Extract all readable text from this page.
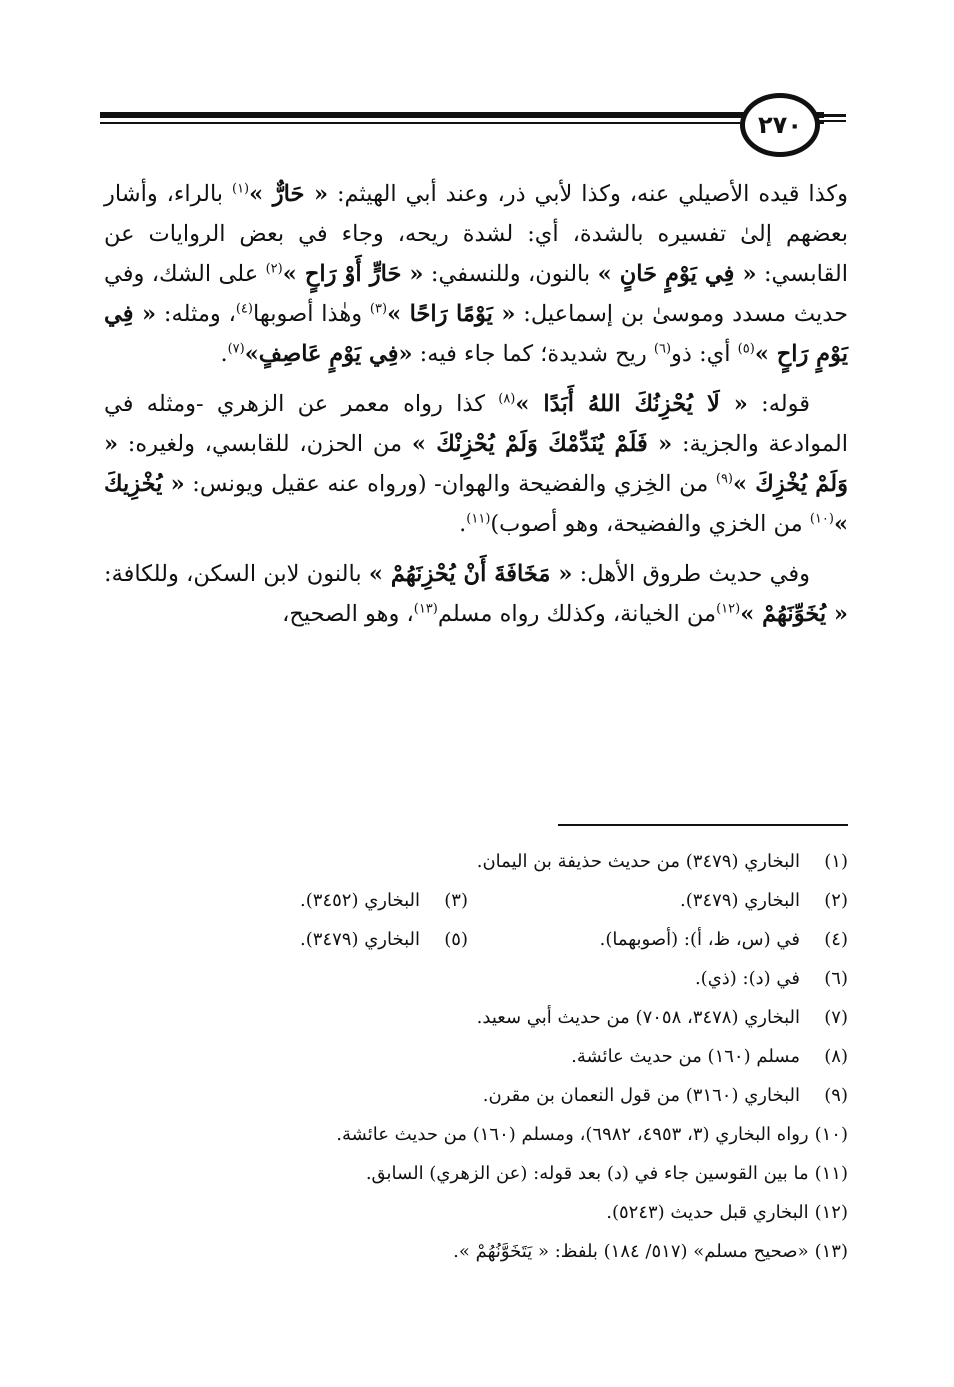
٢٧٠

وكذا قيده الأصيلي عنه، وكذا لأبي ذر، وعند أبي الهيثم: « حَارٌّ »$^{(١)}$ بالراء، وأشار بعضهم إلىٰ تفسيره بالشدة، أي: لشدة ريحه، وجاء في بعض الروايات عن القابسي: « فِي يَوْمٍ حَانٍ » بالنون، وللنسفي: « حَارٍّ أَوْ رَاحٍ »$^{(٢)}$ على الشك، وفي حديث مسدد وموسىٰ بن إسماعيل: « يَوْمًا رَاحًا »$^{(٣)}$ وهٰذا أصوبها$^{(٤)}$، ومثله: « فِي يَوْمٍ رَاحٍ »$^{(٥)}$ أي: ذو$^{(٦)}$ ريح شديدة؛ كما جاء فيه: «فِي يَوْمٍ عَاصِفٍ»$^{(٧)}$.

قوله: « لَا يُحْزِنُكَ اللهُ أَبَدًا »$^{(٨)}$ كذا رواه معمر عن الزهري -ومثله في الموادعة والجزية: « فَلَمْ يُنَدِّمْكَ وَلَمْ يُحْزِنْكَ » من الحزن، للقابسي، ولغيره: « وَلَمْ يُخْزِكَ »$^{(٩)}$ من الخِزي والفضيحة والهوان- (ورواه عنه عقيل ويونس: « يُخْزِيكَ »$^{(١٠)}$ من الخزي والفضيحة، وهو أصوب)$^{(١١)}$.

وفي حديث طروق الأهل: « مَخَافَةَ أَنْ يُحْزِنَهُمْ » بالنون لابن السكن، وللكافة: « يُخَوِّنَهُمْ »$^{(١٢)}$من الخيانة، وكذلك رواه مسلم$^{(١٣)}$، وهو الصحيح،

(١)
البخاري (٣٤٧٩) من حديث حذيفة بن اليمان.
(٢)
البخاري (٣٤٧٩).
(٣)
البخاري (٣٤٥٢).
(٤)
في (س، ظ، أ): (أصوبهما).
(٥)
البخاري (٣٤٧٩).
(٦)
في (د): (ذي).
(٧)
البخاري (٣٤٧٨، ٧٠٥٨) من حديث أبي سعيد.
(٨)
مسلم (١٦٠) من حديث عائشة.
(٩)
البخاري (٣١٦٠) من قول النعمان بن مقرن.
(١٠)
رواه البخاري (٣، ٤٩٥٣، ٦٩٨٢)، ومسلم (١٦٠) من حديث عائشة.
(١١)
ما بين القوسين جاء في (د) بعد قوله: (عن الزهري) السابق.
(١٢)
البخاري قبل حديث (٥٢٤٣).
(١٣)
«صحيح مسلم» (٥١٧/ ١٨٤) بلفظ: « يَتَخَوَّنُهُمْ ».
